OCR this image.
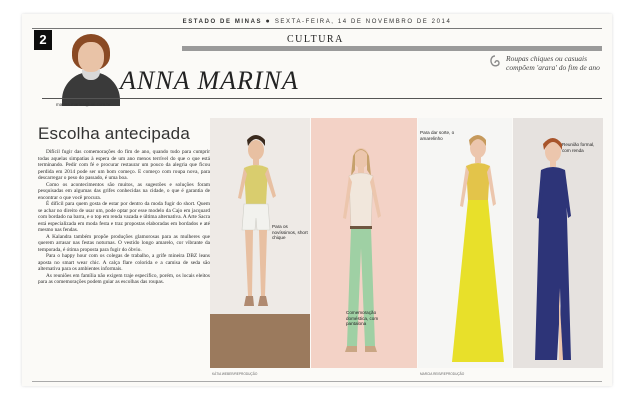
ESTADO DE MINAS ● SEXTA-FEIRA, 14 DE NOVEMBRO DE 2014
2	CULTURA
ANNA MARINA
marina.marina@uai.com.br
Roupas chiques ou casuais compõem 'arara' do fim de ano
Escolha antecipada

Difícil fugir das comemorações do fim de ano, quando tudo para cumprir todas aquelas simpatias à espera de um ano menos terrível do que o que está terminando. Pedir com fé e procurar restaurar um pouco da alegria que ficou perdida em 2014 pode ser um bom começo. E começo com roupa nova, para descarregar o peso do passado, é uma boa.

Como os acontecimentos são muitos, as sugestões e soluções foram pesquisadas em algumas das grifes conhecidas na cidade, o que é garantia de encontrar o que você procura.

É difícil para quem gosta de estar por dentro da moda fugir do short. Quem se achar no direito de usar um, pode optar por esse modelo da Cajo em jacquard com bordado na barra, e o top em renda vazada e última alternativa. A Arte Sacra está especializada em moda festa e traz propostas elaboradas em bordados e até mesmo nas fendas.

A Kalandra também propõe produções glamorosas para as mulheres que querem arrasar nas festas noturnas. O vestido longo amarelo, cor vibrante da temporada, é ótima proposta para fugir do óbvio.

Para o happy hour com os colegas de trabalho, a grife mineira DBZ leans aposta no smart wear chic. A calça flare colorida e a camisa de seda são alternativa para os ambientes informais.

As reuniões em família não exigem traje específico, porém, os locais eleitos para as comemorações podem guiar as escolhas das roupas.

Para os novíssimos, short chique
Comemoração doméstica, com pantalona
Para dar sorte, o amarelinho
Reunião formal, com renda
KÁTIA WEBER/REPRODUÇÃO	MARCIA REIS/REPRODUÇÃO
